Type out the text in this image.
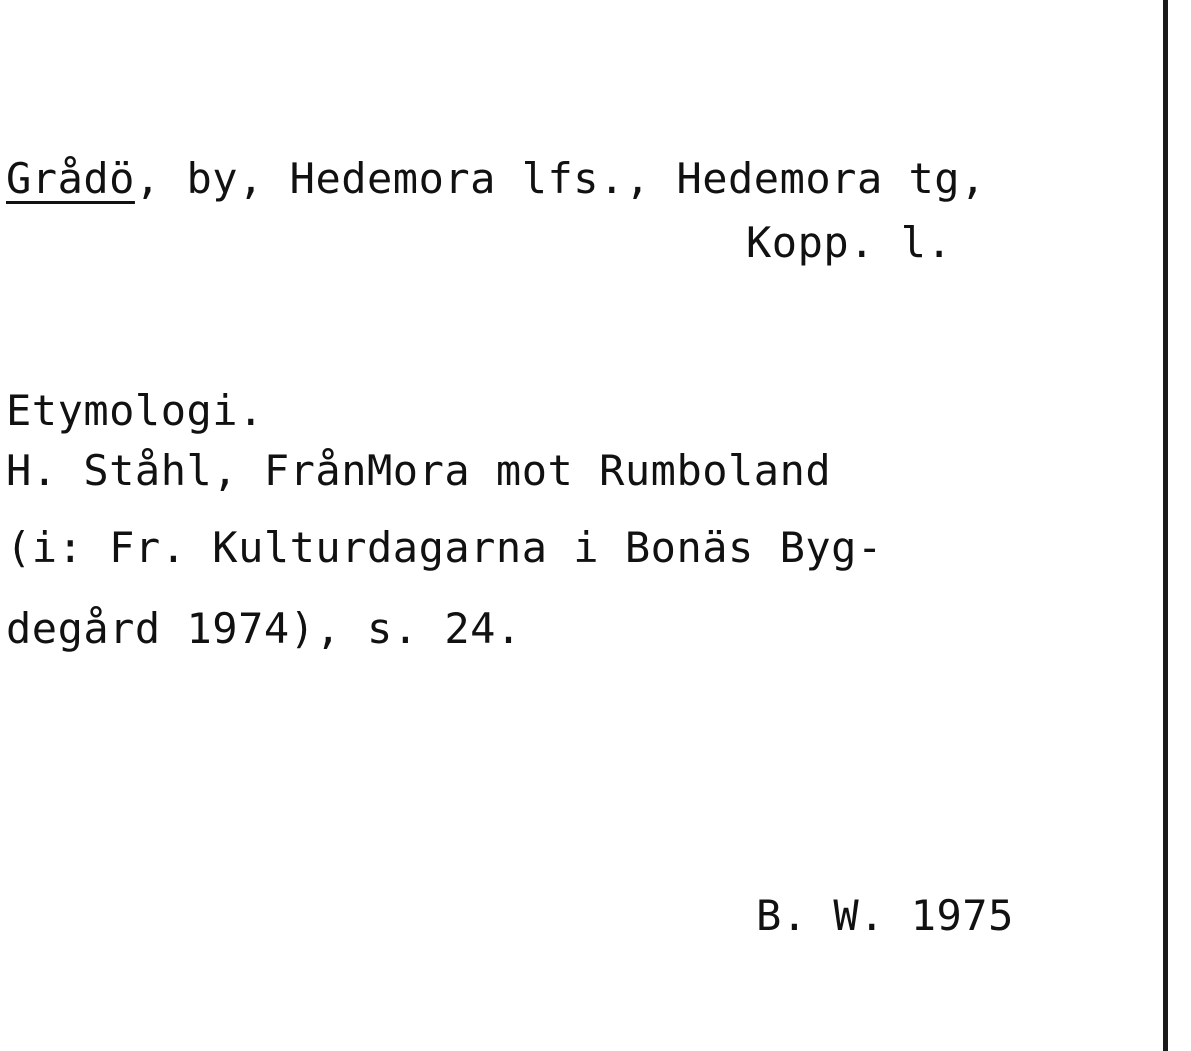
Grådö, by, Hedemora lfs., Hedemora tg,
Kopp. l.
Etymologi.
H. Ståhl, FrånMora mot Rumboland
(i: Fr. Kulturdagarna i Bonäs Byg-
degård 1974), s. 24.
B. W. 1975
